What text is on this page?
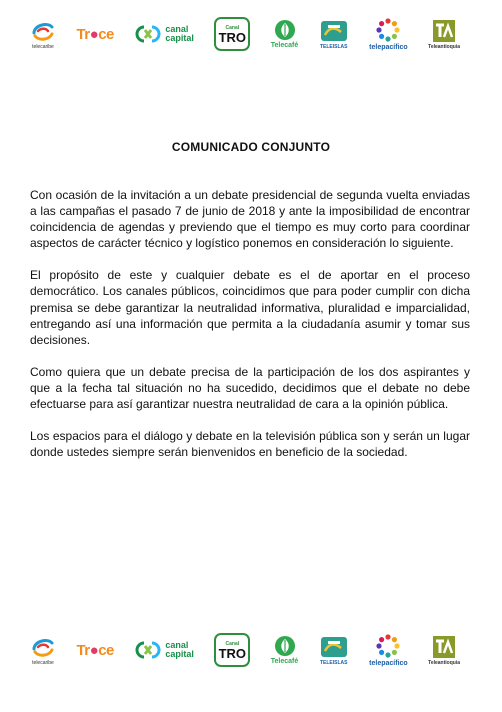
telecaribe
Tr●ce	canal
capital
Canal
TRO
Telecafé	TELEISLAS	telepacífico	Teleantioquia
COMUNICADO CONJUNTO

Con ocasión de la invitación a un debate presidencial de segunda vuelta enviadas a las campañas el pasado 7 de junio de 2018 y ante la imposibilidad de encontrar coincidencia de agendas y previendo que el tiempo es muy corto para coordinar aspectos de carácter técnico y logístico ponemos en consideración lo siguiente.

El propósito de este y cualquier debate es el de aportar en el proceso democrático. Los canales públicos, coincidimos que para poder cumplir con dicha premisa se debe garantizar la neutralidad informativa, pluralidad e imparcialidad, entregando así una información que permita a la ciudadanía asumir y tomar sus decisiones.

Como quiera que un debate precisa de la participación de los dos aspirantes y que a la fecha tal situación no ha sucedido, decidimos que el debate no debe efectuarse para así garantizar nuestra neutralidad de cara a la opinión pública.

Los espacios para el diálogo y debate en la televisión pública son y serán un lugar donde ustedes siempre serán bienvenidos en beneficio de la sociedad.

telecaribe
Tr●ce	canal
capital
Canal
TRO
Telecafé	TELEISLAS	telepacífico	Teleantioquia
